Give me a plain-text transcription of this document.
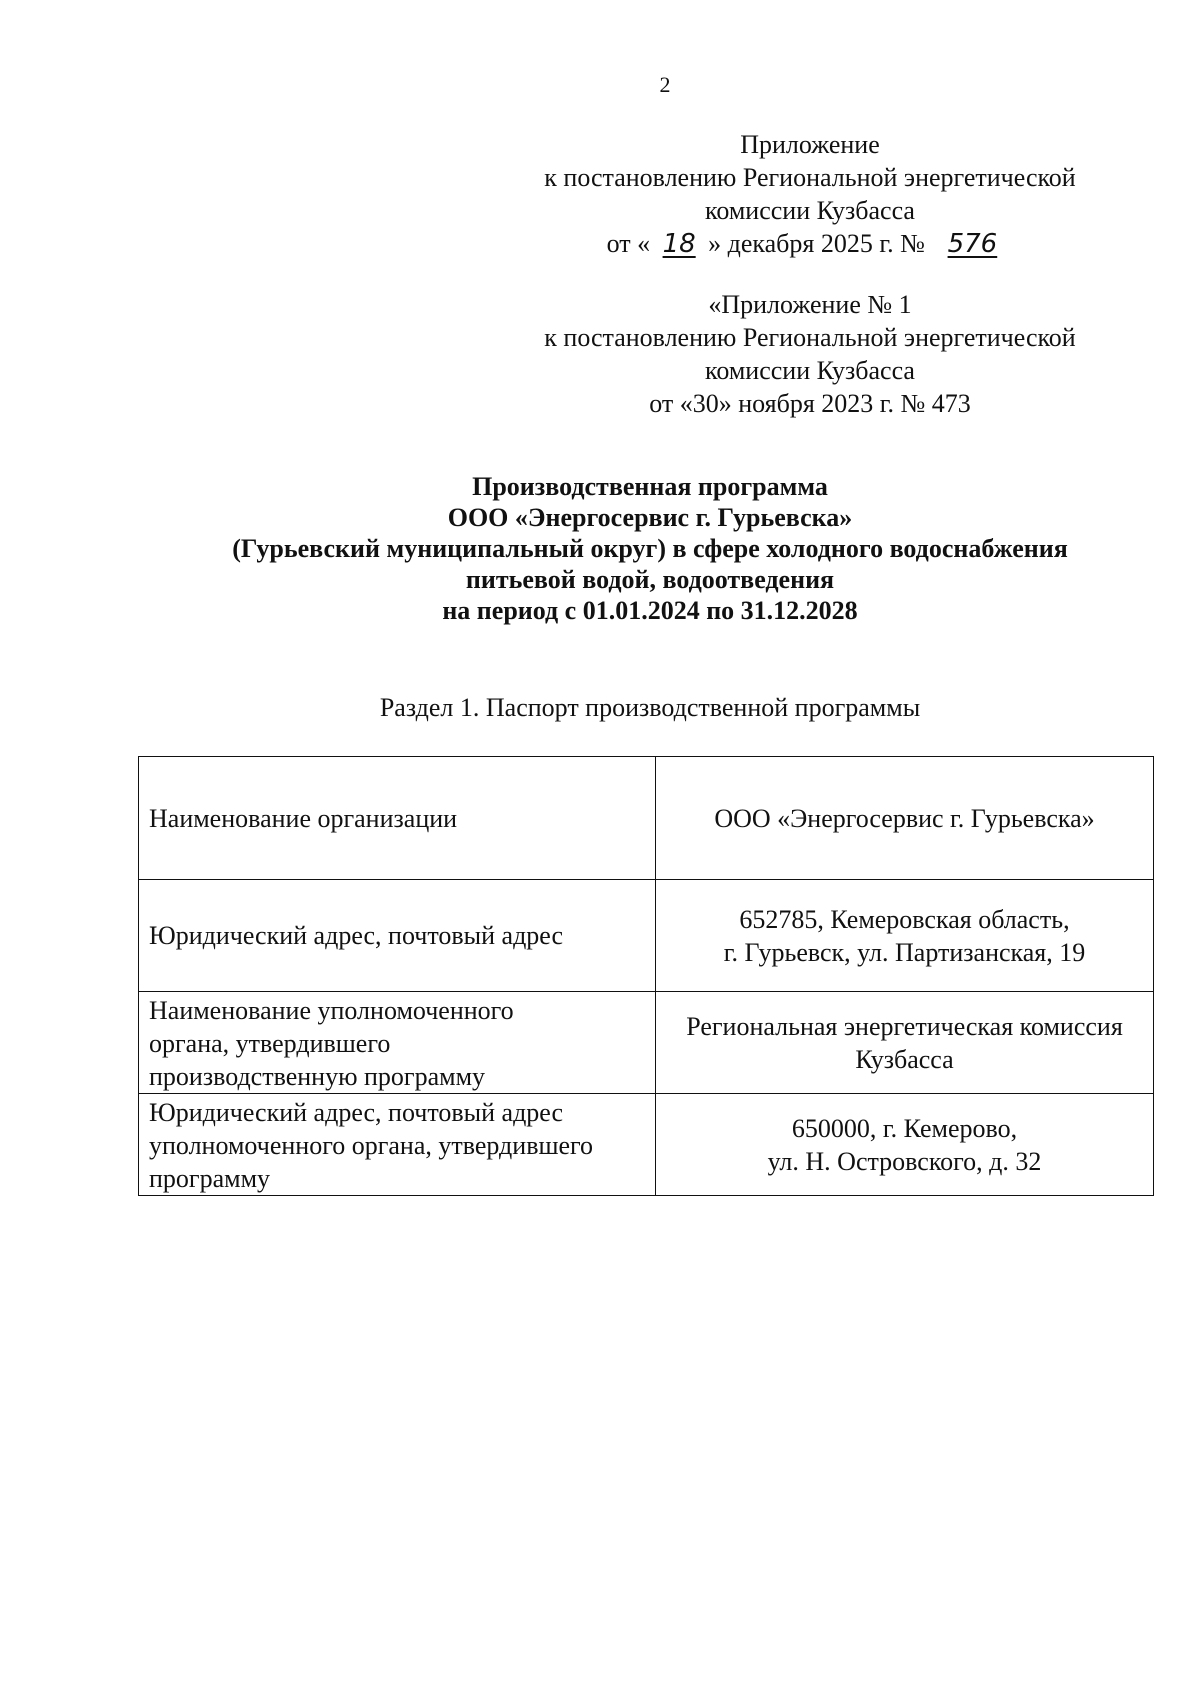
2
Приложение
к постановлению Региональной энергетической
комиссии Кузбасса
от « 18 » декабря 2025 г. № 576
«Приложение № 1
к постановлению Региональной энергетической
комиссии Кузбасса
от «30» ноября 2023 г. № 473
Производственная программа
ООО «Энергосервис г. Гурьевска»
(Гурьевский муниципальный округ) в сфере холодного водоснабжения
питьевой водой, водоотведения
на период с 01.01.2024 по 31.12.2028
Раздел 1. Паспорт производственной программы
Наименование организации	ООО «Энергосервис г. Гурьевска»

Юридический адрес, почтовый адрес	652785, Кемеровская область,
г. Гурьевск, ул. Партизанская, 19

Наименование уполномоченного
органа, утвердившего
производственную программу	Региональная энергетическая комиссия
Кузбасса

Юридический адрес, почтовый адрес
уполномоченного органа, утвердившего
программу	650000, г. Кемерово,
ул. Н. Островского, д. 32
